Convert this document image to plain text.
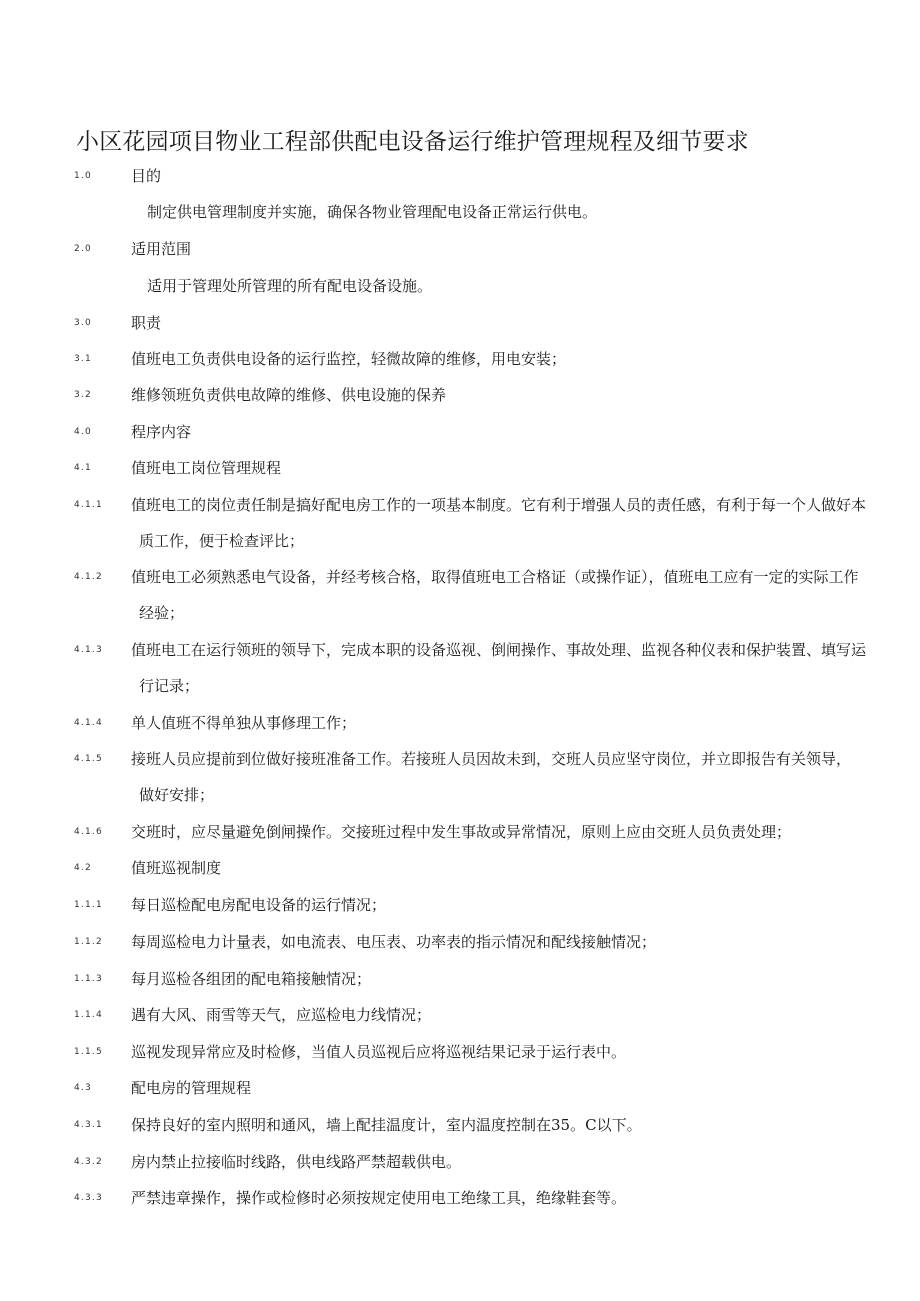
小区花园项目物业工程部供配电设备运行维护管理规程及细节要求
1.0	目的
制定供电管理制度并实施，确保各物业管理配电设备正常运行供电。
2.0	适用范围
适用于管理处所管理的所有配电设备设施。
3.0	职责
3.1	值班电工负责供电设备的运行监控，轻微故障的维修，用电安装；
3.2	维修领班负责供电故障的维修、供电设施的保养
4.0	程序内容
4.1	值班电工岗位管理规程
4.1.1 值班电工的岗位责任制是搞好配电房工作的一项基本制度。它有利于增强人员的责任感，有利于每一个人做好本
质工作，便于检查评比；
4.1.2 值班电工必须熟悉电气设备，并经考核合格，取得值班电工合格证（或操作证），值班电工应有一定的实际工作
经验；
4.1.3 值班电工在运行领班的领导下，完成本职的设备巡视、倒闸操作、事故处理、监视各种仪表和保护装置、填写运
行记录；
4.1.4 单人值班不得单独从事修理工作；
4.1.5 接班人员应提前到位做好接班准备工作。若接班人员因故未到，交班人员应坚守岗位，并立即报告有关领导，
做好安排；
4.1.6 交班时，应尽量避免倒闸操作。交接班过程中发生事故或异常情况，原则上应由交班人员负责处理；
4.2	值班巡视制度
1.1.1 每日巡检配电房配电设备的运行情况；
1.1.2 每周巡检电力计量表，如电流表、电压表、功率表的指示情况和配线接触情况；
1.1.3 每月巡检各组团的配电箱接触情况；
1.1.4 遇有大风、雨雪等天气，应巡检电力线情况；
1.1.5 巡视发现异常应及时检修，当值人员巡视后应将巡视结果记录于运行表中。
4.3	配电房的管理规程
4.3.1 保持良好的室内照明和通风，墙上配挂温度计，室内温度控制在35。C以下。
4.3.2 房内禁止拉接临时线路，供电线路严禁超载供电。
4.3.3 严禁违章操作，操作或检修时必须按规定使用电工绝缘工具，绝缘鞋套等。
